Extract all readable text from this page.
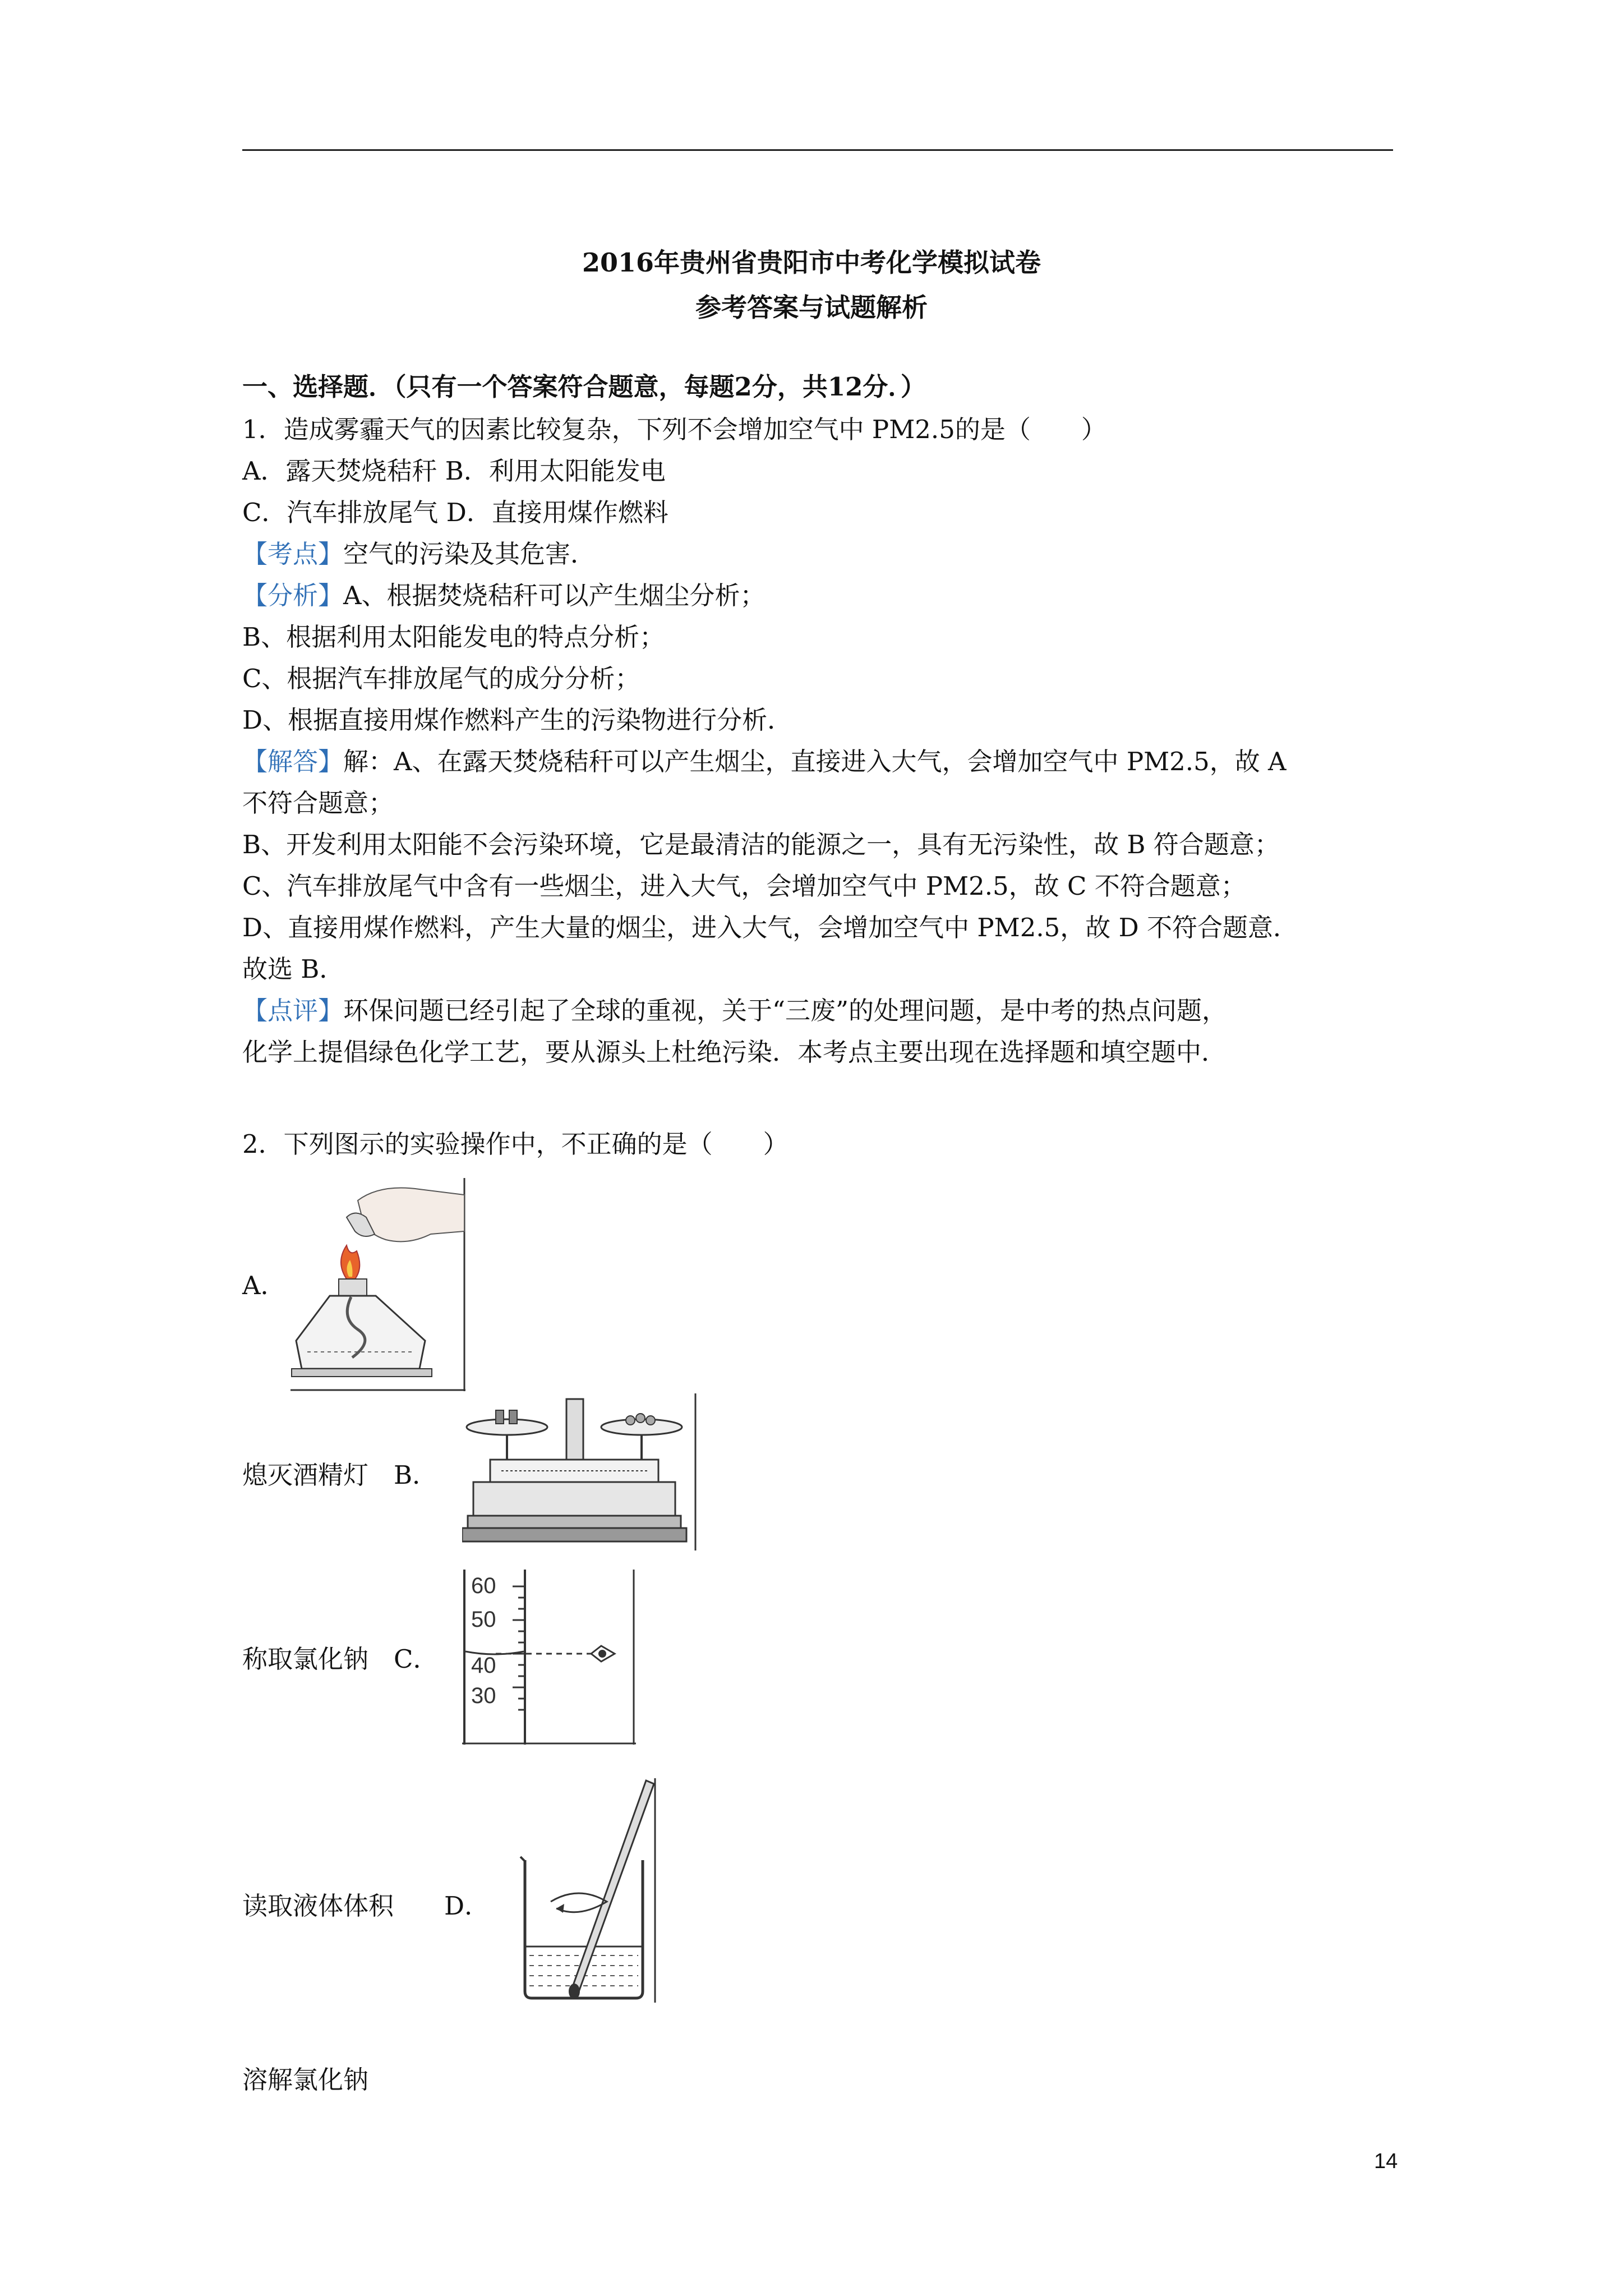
2016年贵州省贵阳市中考化学模拟试卷
参考答案与试题解析
一、选择题．（只有一个答案符合题意，每题2分，共12分．）
1．造成雾霾天气的因素比较复杂，下列不会增加空气中 PM2.5的是（　　）
A．露天焚烧秸秆 B．利用太阳能发电
C．汽车排放尾气 D．直接用煤作燃料
【考点】空气的污染及其危害．
【分析】A、根据焚烧秸秆可以产生烟尘分析；
B、根据利用太阳能发电的特点分析；
C、根据汽车排放尾气的成分分析；
D、根据直接用煤作燃料产生的污染物进行分析．
【解答】解：A、在露天焚烧秸秆可以产生烟尘，直接进入大气，会增加空气中 PM2.5，故 A
不符合题意；
B、开发利用太阳能不会污染环境，它是最清洁的能源之一，具有无污染性，故 B 符合题意；
C、汽车排放尾气中含有一些烟尘，进入大气，会增加空气中 PM2.5，故 C 不符合题意；
D、直接用煤作燃料，产生大量的烟尘，进入大气，会增加空气中 PM2.5，故 D 不符合题意．
故选 B．
【点评】环保问题已经引起了全球的重视，关于“三废”的处理问题，是中考的热点问题，
化学上提倡绿色化学工艺，要从源头上杜绝污染．本考点主要出现在选择题和填空题中．
2．下列图示的实验操作中，不正确的是（　　）
A．
熄灭酒精灯　 B．
称取氯化钠　 C．
60
50
40
30
读取液体体积　　 D．
溶解氯化钠
14
